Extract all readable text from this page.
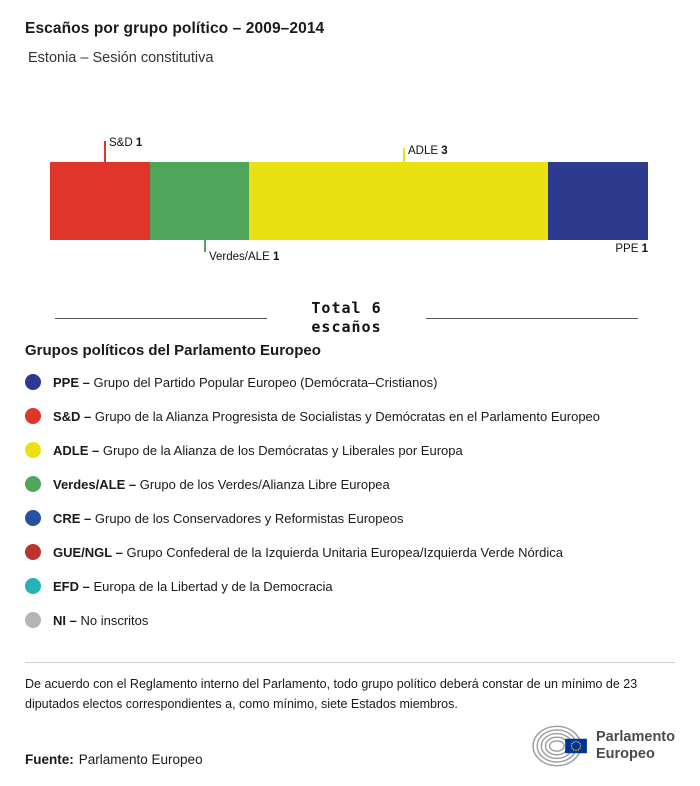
Escaños por grupo político – 2009–2014
Estonia – Sesión constitutiva
S&D 1
ADLE 3
Verdes/ALE 1
PPE 1
Total 6
escaños
Grupos políticos del Parlamento Europeo
PPE – Grupo del Partido Popular Europeo (Demócrata–Cristianos)
S&D – Grupo de la Alianza Progresista de Socialistas y Demócratas en el Parlamento Europeo
ADLE – Grupo de la Alianza de los Demócratas y Liberales por Europa
Verdes/ALE – Grupo de los Verdes/Alianza Libre Europea
CRE – Grupo de los Conservadores y Reformistas Europeos
GUE/NGL – Grupo Confederal de la Izquierda Unitaria Europea/Izquierda Verde Nórdica
EFD – Europa de la Libertad y de la Democracia
NI – No inscritos
De acuerdo con el Reglamento interno del Parlamento, todo grupo político deberá constar de un mínimo de 23 diputados electos correspondientes a, como mínimo, siete Estados miembros.
Fuente: Parlamento Europeo
Parlamento
Europeo
